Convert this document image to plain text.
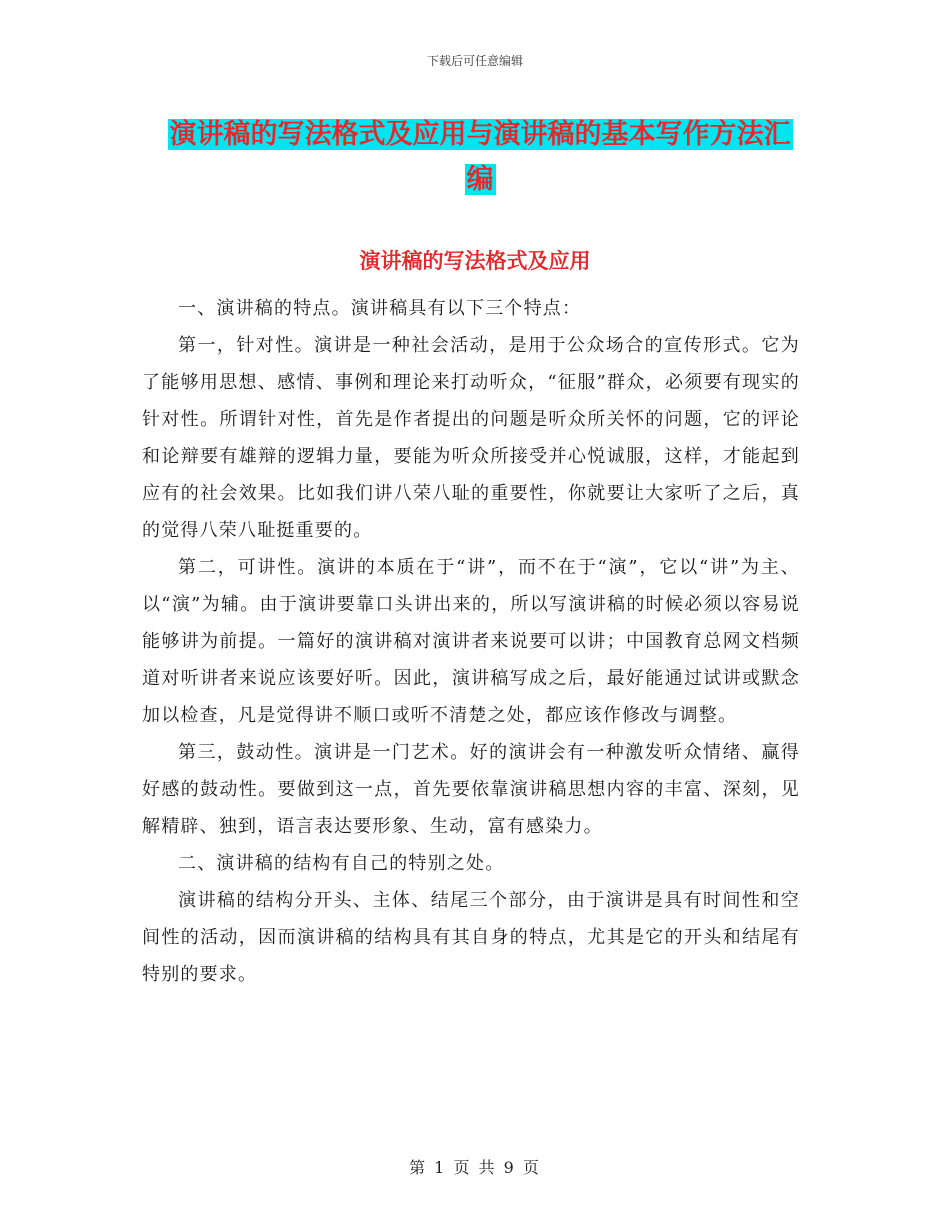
下载后可任意编辑
演讲稿的写法格式及应用与演讲稿的基本写作方法汇
编
演讲稿的写法格式及应用

一、演讲稿的特点。演讲稿具有以下三个特点：

第一，针对性。演讲是一种社会活动，是用于公众场合的宣传形式。它为了能够用思想、感情、事例和理论来打动听众，“征服”群众，必须要有现实的针对性。所谓针对性，首先是作者提出的问题是听众所关怀的问题，它的评论和论辩要有雄辩的逻辑力量，要能为听众所接受并心悦诚服，这样，才能起到应有的社会效果。比如我们讲八荣八耻的重要性，你就要让大家听了之后，真的觉得八荣八耻挺重要的。

第二，可讲性。演讲的本质在于“讲”，而不在于“演”，它以“讲”为主、以“演”为辅。由于演讲要靠口头讲出来的，所以写演讲稿的时候必须以容易说能够讲为前提。一篇好的演讲稿对演讲者来说要可以讲；中国教育总网文档频道对听讲者来说应该要好听。因此，演讲稿写成之后，最好能通过试讲或默念加以检查，凡是觉得讲不顺口或听不清楚之处，都应该作修改与调整。

第三，鼓动性。演讲是一门艺术。好的演讲会有一种激发听众情绪、赢得好感的鼓动性。要做到这一点，首先要依靠演讲稿思想内容的丰富、深刻，见解精辟、独到，语言表达要形象、生动，富有感染力。

二、演讲稿的结构有自己的特别之处。

演讲稿的结构分开头、主体、结尾三个部分，由于演讲是具有时间性和空间性的活动，因而演讲稿的结构具有其自身的特点，尤其是它的开头和结尾有特别的要求。

第 1 页 共 9 页
